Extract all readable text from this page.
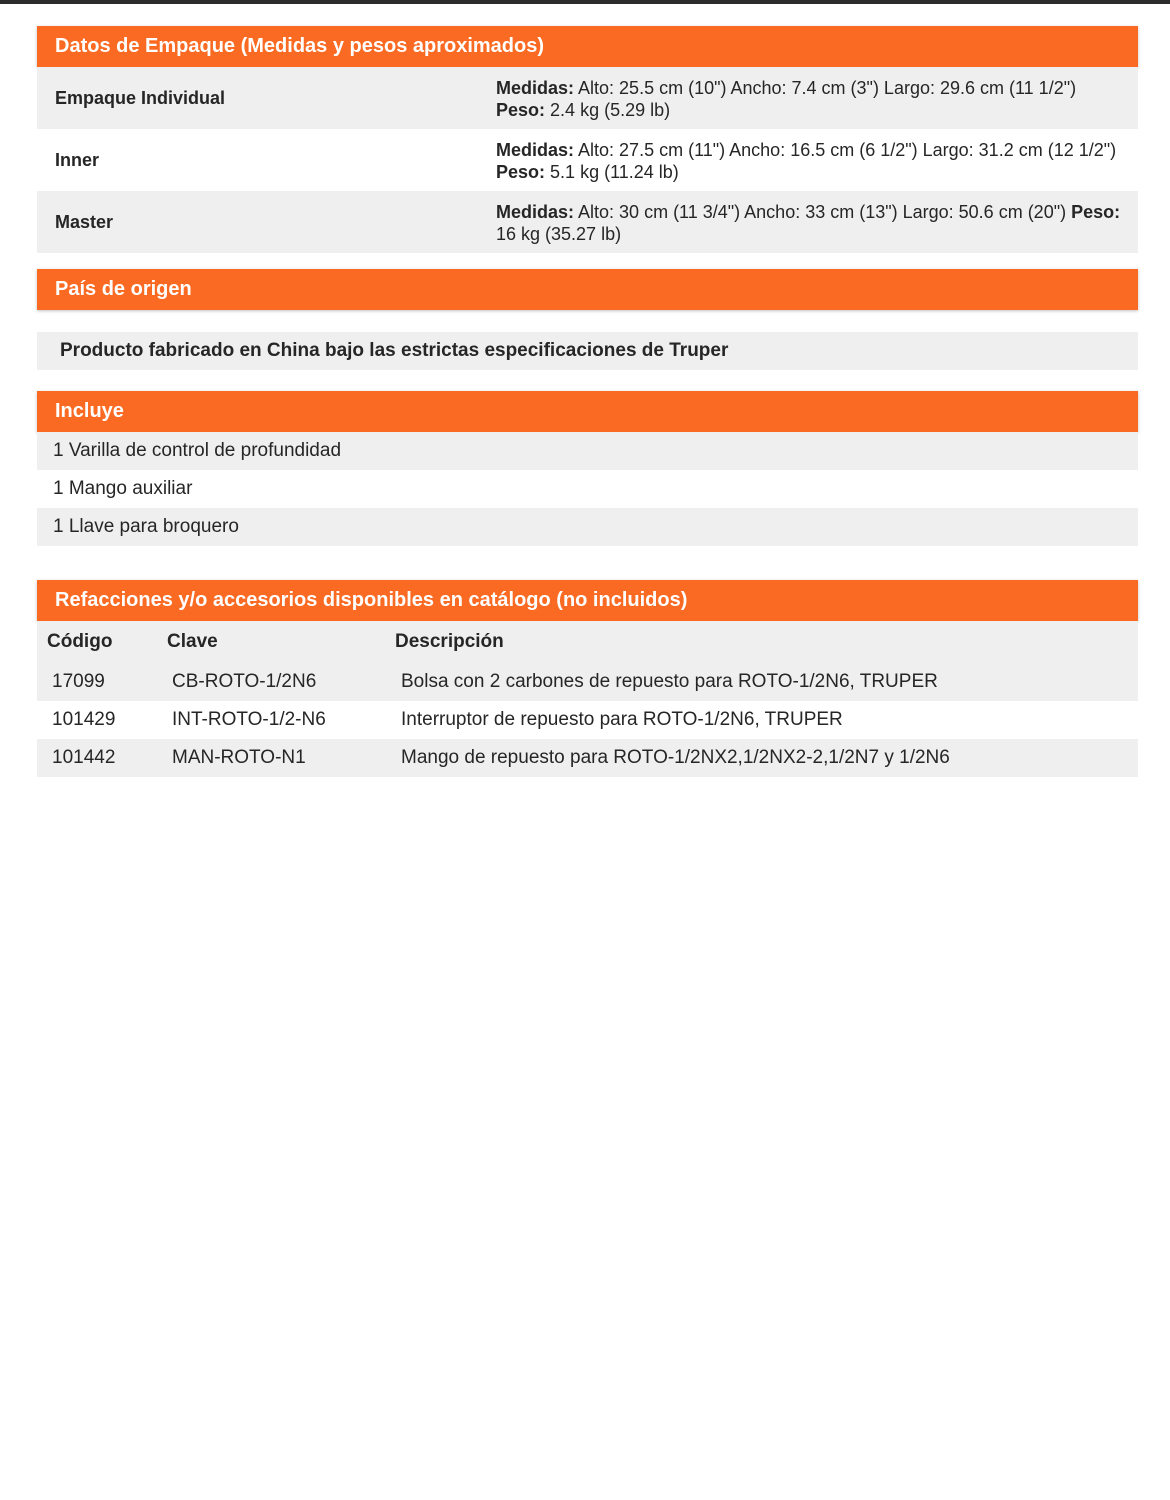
Datos de Empaque (Medidas y pesos aproximados)
Empaque Individual	Medidas: Alto: 25.5 cm (10") Ancho: 7.4 cm (3") Largo: 29.6 cm (11 1/2") Peso: 2.4 kg (5.29 lb)
Inner	Medidas: Alto: 27.5 cm (11") Ancho: 16.5 cm (6 1/2") Largo: 31.2 cm (12 1/2") Peso: 5.1 kg (11.24 lb)
Master	Medidas: Alto: 30 cm (11 3/4") Ancho: 33 cm (13") Largo: 50.6 cm (20") Peso: 16 kg (35.27 lb)
País de origen
Producto fabricado en China bajo las estrictas especificaciones de Truper
Incluye
1 Varilla de control de profundidad
1 Mango auxiliar
1 Llave para broquero
Refacciones y/o accesorios disponibles en catálogo (no incluidos)
Código	Clave	Descripción
17099	CB-ROTO-1/2N6	Bolsa con 2 carbones de repuesto para ROTO-1/2N6, TRUPER
101429	INT-ROTO-1/2-N6	Interruptor de repuesto para ROTO-1/2N6, TRUPER
101442	MAN-ROTO-N1	Mango de repuesto para ROTO-1/2NX2,1/2NX2-2,1/2N7 y 1/2N6
